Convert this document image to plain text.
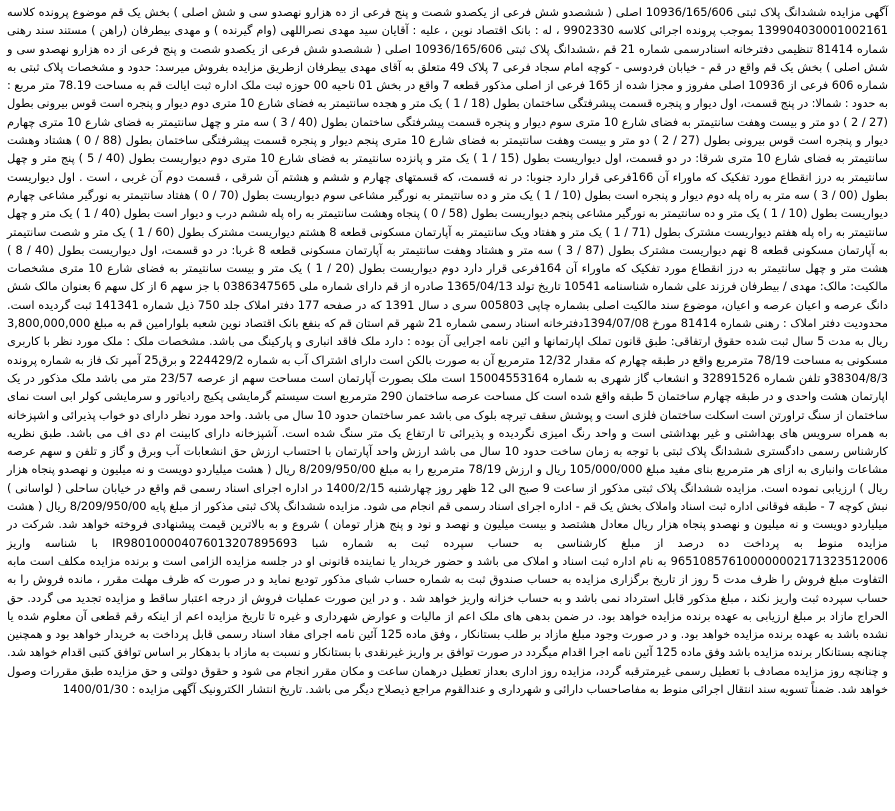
آگهی مزایده ششدانگ پلاک ثبتی 10936/165/606 اصلی ( ششصدو شش فرعی از یکصدو شصت و پنج فرعی از ده هزارو نهصدو سی و شش اصلی ) بخش یک قم موضوع پرونده کلاسه 139904030001002161 بموجب پرونده اجرائی کلاسه 9902330 ، له : بانک اقتصاد نوین ، علیه : آقایان سید مهدی نصراللهی (وام گیرنده ) و مهدی بیطرفان (راهن ) مستند سند رهنی شماره 81414 تنظیمی دفترخانه اسنادرسمی شماره 21 قم ،ششدانگ پلاک ثبتی 10936/165/606 اصلی ( ششصدو شش فرعی از یکصدو شصت و پنج فرعی از ده هزارو نهصدو سی و شش اصلی ) بخش یک قم واقع در قم - خیابان فردوسی - کوچه امام سجاد فرعی 7 پلاک 49 متعلق به آقای مهدی بیطرفان ازطریق مزایده بفروش میرسد: حدود و مشخصات پلاک ثبتی به شماره 606 فرعی از 10936 اصلی مفروز و مجزا شده از 165 فرعی از اصلی مذکور قطعه 7 واقع در بخش 01 ناحیه 00 حوزه ثبت ملک اداره ثبت ایالت قم به مساحت 78.19 متر مربع : به حدود : شمالا: در پنج قسمت، اول دیوار و پنجره قسمت پیشرفتگی ساختمان بطول (18 / 1 ) یک متر و هجده سانتیمتر به فضای شارع 10 متری دوم دیوار و پنجره است قوس بیرونی بطول (27 / 2 ) دو متر و بیست وهفت سانتیمتر به فضای شارع 10 متری سوم دیوار و پنجره قسمت پیشرفتگی ساختمان بطول (40 / 3 ) سه متر و چهل سانتیمتر به فضای شارع 10 متری چهارم دیوار و پنجره است قوس بیرونی بطول (27 / 2 ) دو متر و بیست وهفت سانتیمتر به فضای شارع 10 متری پنجم دیوار و پنجره قسمت پیشرفتگی ساختمان بطول (88 / 0 ) هشتاد وهشت سانتیمتر به فضای شارع 10 متری شرقا: در دو قسمت، اول دیواریست بطول (15 / 1 ) یک متر و پانزده سانتیمتر به فضای شارع 10 متری دوم دیواریست بطول (40 / 5 ) پنج متر و چهل سانتیمتر به درز انقطاع مورد تفکیک که ماوراء آن 166فرعی قرار دارد جنوبا: در نه قسمت، که قسمتهای چهارم و ششم و هشتم آن شرقی ، قسمت دوم آن غربی ، است . اول دیواریست بطول (00 / 3 ) سه متر به راه پله دوم دیوار و پنجره است بطول (10 / 1 ) یک متر و ده سانتیمتر به نورگیر مشاعی سوم دیواریست بطول (70 / 0 ) هفتاد سانتیمتر به نورگیر مشاعی چهارم دیواریست بطول (10 / 1 ) یک متر و ده سانتیمتر به نورگیر مشاعی پنجم دیواریست بطول (58 / 0 ) پنجاه وهشت سانتیمتر به راه پله ششم درب و دیوار است بطول (40 / 1 ) یک متر و چهل سانتیمتر به راه پله هفتم دیواریست مشترک بطول (71 / 1 ) یک متر و هفتاد ویک سانتیمتر به آپارتمان مسکونی قطعه 8 هشتم دیواریست مشترک بطول (60 / 1 ) یک متر و شصت سانتیمتر به آپارتمان مسکونی قطعه 8 نهم دیواریست مشترک بطول (87 / 3 ) سه متر و هشتاد وهفت سانتیمتر به آپارتمان مسکونی قطعه 8 غربا: در دو قسمت، اول دیواریست بطول (40 / 8 ) هشت متر و چهل سانتیمتر به درز انقطاع مورد تفکیک که ماوراء آن 164فرعی قرار دارد دوم دیواریست بطول (20 / 1 ) یک متر و بیست سانتیمتر به فضای شارع 10 متری مشخصات مالکیت: مالک: مهدی / بیطرفان فرزند علی شماره شناسنامه 10541 تاریخ تولد 1365/04/13 صادره از قم دارای شماره ملی 0386347565 با جز سهم 6 از کل سهم 6 بعنوان مالک شش دانگ عرصه و اعیان عرصه و اعیان، موضوع سند مالکیت اصلی بشماره چاپی 005803 سری د سال 1391 که در صفحه 177 دفتر املاک جلد 750 ذیل شماره 141341 ثبت گردیده است. محدودیت دفتر املاک : رهنی شماره 81414 مورخ 1394/07/08دفترخانه اسناد رسمی شماره 21 شهر قم استان قم که بنفع بانک اقتصاد نوین شعبه بلوارامین قم به مبلغ 3,800,000,000 ریال به مدت 5 سال ثبت شده حقوق ارتفاقی: طبق قانون تملک اپارتمانها و ائین نامه اجرایی آن بوده : دارد ملک فاقد انباری و پارکینگ می باشد. مشخصات ملک : ملک مورد نظر با کاربری مسکونی به مساحت 78/19 مترمربع واقع در طبقه چهارم که مقدار 12/32 مترمربع آن به صورت بالکن است دارای اشتراک آب به شماره 224429/2 و برق25 آمپر تک فاز به شماره پرونده 38304/8/3و تلفن شماره 32891526 و انشعاب گاز شهری به شماره 15004553164 است ملک بصورت آپارتمان است مساحت سهم از عرصه 23/57 متر می باشد ملک مذکور در یک اپارتمان هشت واحدی و در طبقه چهارم ساختمان 5 طبقه واقع شده است کل مساحت عرصه ساختمان 290 مترمربع است سیستم گرمایشی پکیج رادیاتور و سرمایشی کولر ابی است نمای ساختمان از سنگ تراورتن است اسکلت ساختمان فلزی است و پوشش سقف تیرچه بلوک می باشد عمر ساختمان حدود 10 سال می باشد. واحد مورد نظر دارای دو خواب پذیرائی و اشپزخانه به همراه سرویس های بهداشتی و غیر بهداشتی است و واحد رنگ امیزی نگردیده و پذیرائی تا ارتفاع یک متر سنگ شده است. آشپزخانه دارای کابینت ام دی اف می باشد. طبق نظریه کارشناس رسمی دادگستری ششدانگ پلاک ثبتی با توجه به زمان ساخت حدود 10 سال می باشد ارزش واحد آپارتمان با احتساب ارزش حق انشعابات آب وبرق و گاز و تلفن و سهم عرصه مشاعات وانباری به ازای هر مترمربع بنای مفید مبلغ 105/000/000 ریال و ارزش 78/19 مترمربع را به مبلغ 8/209/950/00 ریال ( هشت میلیاردو دویست و نه میلیون و نهصدو پنجاه هزار ریال ) ارزیابی نموده است. مزایده ششدانگ پلاک ثبتی مذکور از ساعت 9 صبح الی 12 ظهر روز چهارشنبه 1400/2/15 در اداره اجرای اسناد رسمی قم واقع در خیابان ساحلی ( لواسانی ) نبش کوچه 7 - طبقه فوقانی اداره ثبت اسناد واملاک بخش یک قم - اداره اجرای اسناد رسمی قم انجام می شود. مزایده ششدانگ پلاک ثبتی مذکور از مبلغ پایه 8/209/950/00 ریال ( هشت میلیاردو دویست و نه میلیون و نهصدو پنجاه هزار ریال معادل هشتصد و بیست میلیون و نهصد و نود و پنج هزار تومان ) شروع و به بالاترین قیمت پیشنهادی فروخته خواهد شد. شرکت در مزایده منوط به پرداخت ده درصد از مبلغ کارشناسی به حساب سپرده ثبت به شماره شبا IR980100004076013207895693 با شناسه واریز 965108576100000002171323512006 به نام اداره ثبت اسناد و املاک می باشد و حضور خریدار یا نماینده قانونی او در جلسه مزایده الزامی است و برنده مزایده مکلف است مابه التفاوت مبلغ فروش را ظرف مدت 5 روز از تاریخ برگزاری مزایده به حساب صندوق ثبت به شماره حساب شبای مذکور تودیع نماید و در صورت که ظرف مهلت مقرر ، مانده فروش را به حساب سپرده ثبت واریز نکند ، مبلغ مذکور قابل استرداد نمی باشد و به حساب خزانه واریز خواهد شد . و در این صورت عملیات فروش از درجه اعتبار ساقط و مزایده تجدید می گردد. حق الحراج مازاد بر مبلغ ارزیابی به عهده برنده مزایده خواهد بود. در ضمن بدهی های ملک اعم از مالیات و عوارض شهرداری و غیره تا تاریخ مزایده اعم از اینکه رقم قطعی آن معلوم شده یا نشده باشد به عهده برنده مزایده خواهد بود. و در صورت وجود مبلغ مازاد بر طلب بستانکار ، وفق ماده 125 آئین نامه اجرای مفاد اسناد رسمی قابل پرداخت به خریدار خواهد بود و همچنین چنانچه بستانکار برنده مزایده باشد وفق ماده 125 آئین نامه اجرا اقدام میگردد در صورت توافق بر واریز غیرنقدی با بستانکار و نسبت به مازاد با بدهکار بر اساس توافق کتبی اقدام خواهد شد. و چنانچه روز مزایده مصادف با تعطیل رسمی غیرمترقبه گردد، مزایده روز اداری بعداز تعطیل درهمان ساعت و مکان مقرر انجام می شود و حقوق دولتی و حق مزایده طبق مقررات وصول خواهد شد. ضمناً تسویه سند انتقال اجرائی منوط به مفاصاحساب دارائی و شهرداری و عندالقوم مراجع ذیصلاح دیگر می باشد. تاریخ انتشار الکترونیک آگهی مزایده : 1400/01/30
